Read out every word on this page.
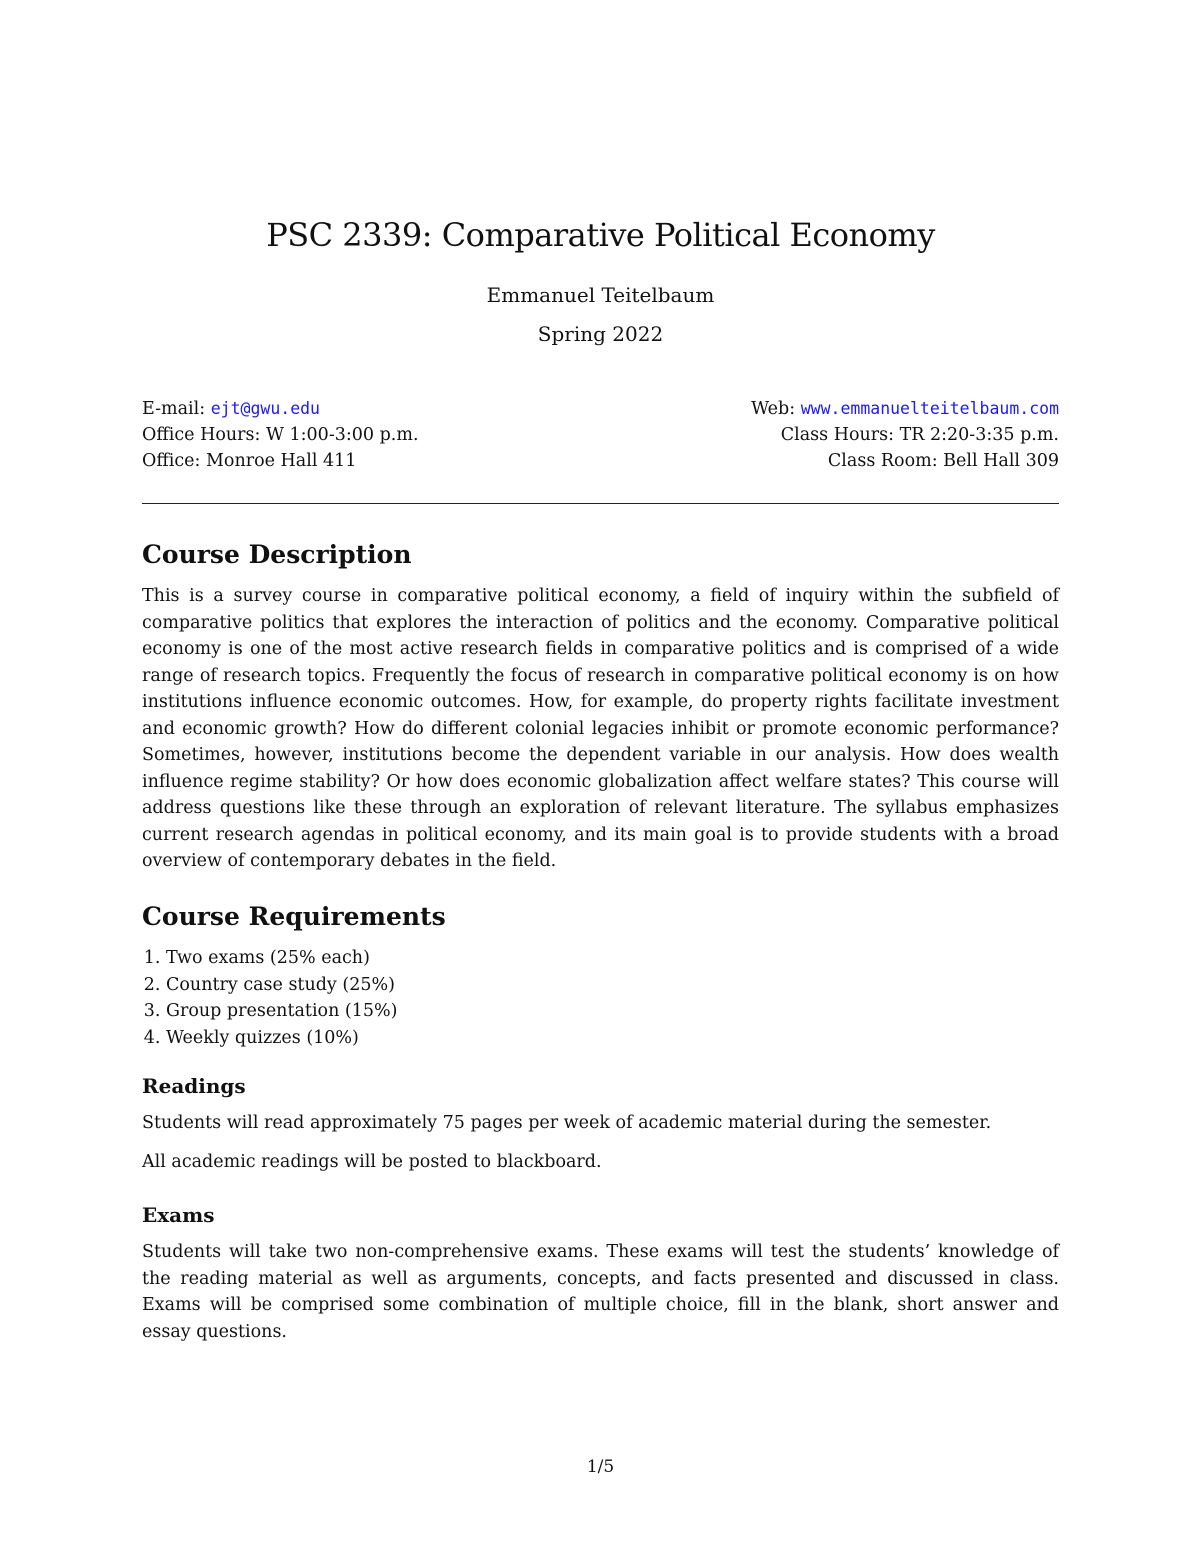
PSC 2339: Comparative Political Economy
Emmanuel Teitelbaum
Spring 2022
E-mail: ejt@gwu.edu	Web: www.emmanuelteitelbaum.com
Office Hours: W 1:00-3:00 p.m.	Class Hours: TR 2:20-3:35 p.m.
Office: Monroe Hall 411	Class Room: Bell Hall 309
Course Description

This is a survey course in comparative political economy, a field of inquiry within the subfield of comparative politics that explores the interaction of politics and the economy. Comparative political economy is one of the most active research fields in comparative politics and is comprised of a wide range of research topics. Frequently the focus of research in comparative political economy is on how institutions influence economic outcomes. How, for example, do property rights facilitate investment and economic growth? How do different colonial legacies inhibit or promote economic performance? Sometimes, however, institutions become the dependent variable in our analysis. How does wealth influence regime stability? Or how does economic globalization affect welfare states? This course will address questions like these through an exploration of relevant literature. The syllabus emphasizes current research agendas in political economy, and its main goal is to provide students with a broad overview of contemporary debates in the field.

Course Requirements
1. Two exams (25% each)
2. Country case study (25%)
3. Group presentation (15%)
4. Weekly quizzes (10%)
Readings

Students will read approximately 75 pages per week of academic material during the semester.

All academic readings will be posted to blackboard.

Exams

Students will take two non-comprehensive exams. These exams will test the students’ knowledge of the reading material as well as arguments, concepts, and facts presented and discussed in class. Exams will be comprised some combination of multiple choice, fill in the blank, short answer and essay questions.

1/5
